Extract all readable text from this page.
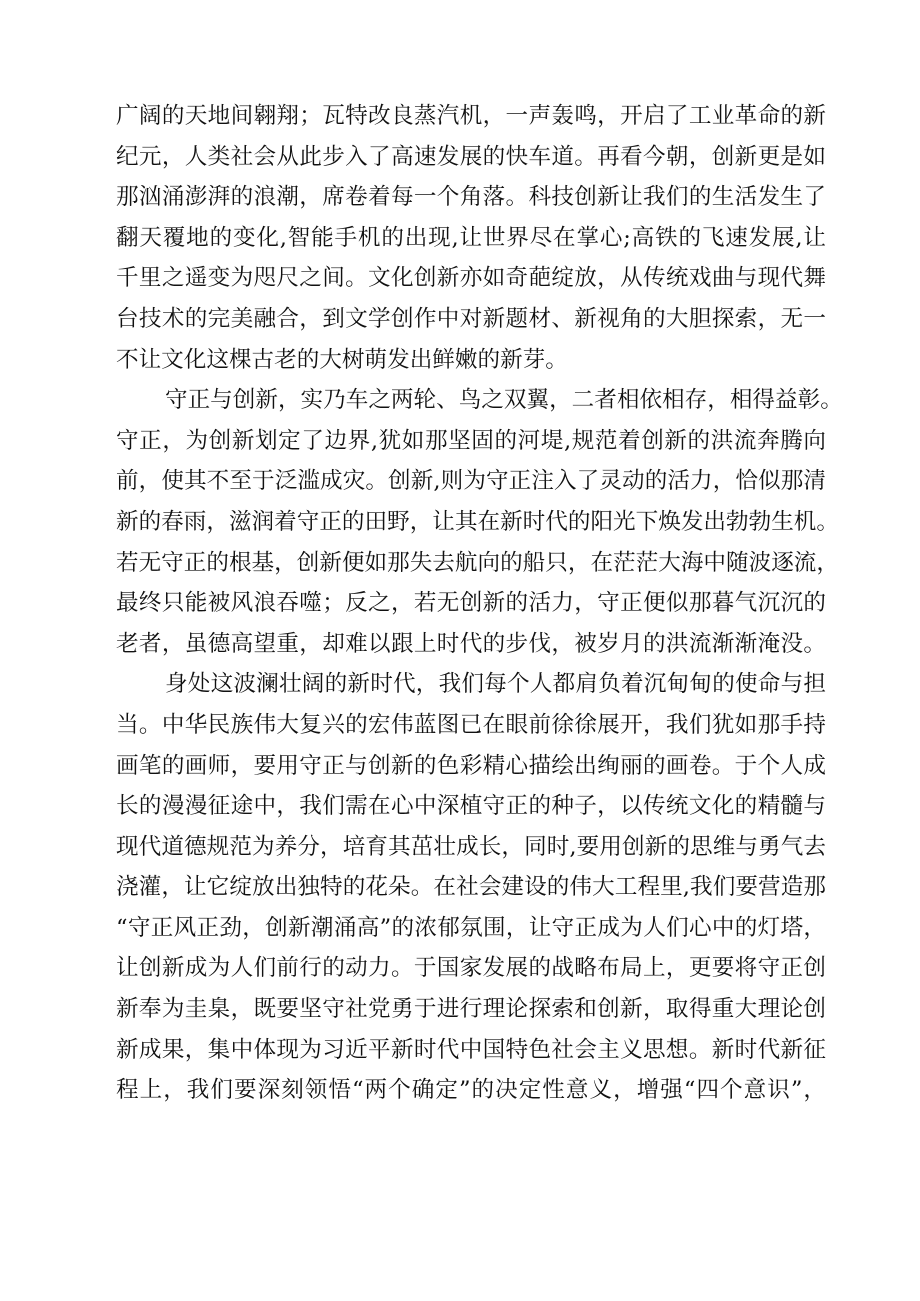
广阔的天地间翱翔；瓦特改良蒸汽机，一声轰鸣，开启了工业革命的新
纪元，人类社会从此步入了高速发展的快车道。再看今朝，创新更是如
那汹涌澎湃的浪潮，席卷着每一个角落。科技创新让我们的生活发生了
翻天覆地的变化,智能手机的出现,让世界尽在掌心;高铁的飞速发展,让
千里之遥变为咫尺之间。文化创新亦如奇葩绽放，从传统戏曲与现代舞
台技术的完美融合，到文学创作中对新题材、新视角的大胆探索，无一
不让文化这棵古老的大树萌发出鲜嫩的新芽。
守正与创新，实乃车之两轮、鸟之双翼，二者相依相存，相得益彰。
守正，为创新划定了边界,犹如那坚固的河堤,规范着创新的洪流奔腾向
前，使其不至于泛滥成灾。创新,则为守正注入了灵动的活力，恰似那清
新的春雨，滋润着守正的田野，让其在新时代的阳光下焕发出勃勃生机。
若无守正的根基，创新便如那失去航向的船只，在茫茫大海中随波逐流，
最终只能被风浪吞噬；反之，若无创新的活力，守正便似那暮气沉沉的
老者，虽德高望重，却难以跟上时代的步伐，被岁月的洪流渐渐淹没。
身处这波澜壮阔的新时代，我们每个人都肩负着沉甸甸的使命与担
当。中华民族伟大复兴的宏伟蓝图已在眼前徐徐展开，我们犹如那手持
画笔的画师，要用守正与创新的色彩精心描绘出绚丽的画卷。于个人成
长的漫漫征途中，我们需在心中深植守正的种子，以传统文化的精髓与
现代道德规范为养分，培育其茁壮成长，同时,要用创新的思维与勇气去
浇灌，让它绽放出独特的花朵。在社会建设的伟大工程里,我们要营造那
“守正风正劲，创新潮涌高”的浓郁氛围，让守正成为人们心中的灯塔，
让创新成为人们前行的动力。于国家发展的战略布局上，更要将守正创
新奉为圭臬，既要坚守社党勇于进行理论探索和创新，取得重大理论创
新成果，集中体现为习近平新时代中国特色社会主义思想。新时代新征
程上，我们要深刻领悟“两个确定”的决定性意义，增强“四个意识”，
